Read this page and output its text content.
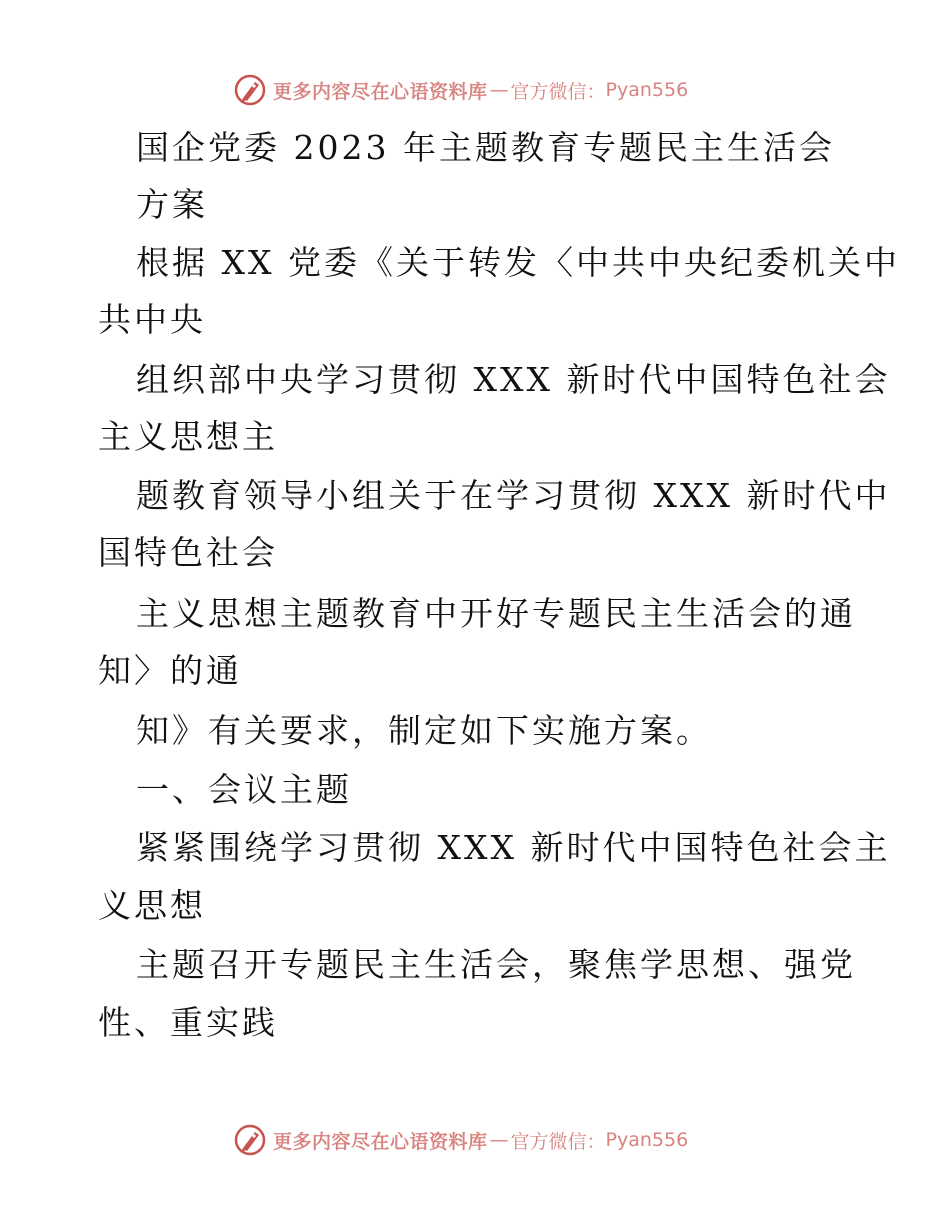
更多内容尽在心语资料库 — 官方微信： Pyan556
国企党委 2023 年主题教育专题民主生活会
方案
根据 XX 党委《关于转发〈中共中央纪委机关中
共中央
组织部中央学习贯彻 XXX 新时代中国特色社会
主义思想主
题教育领导小组关于在学习贯彻 XXX 新时代中
国特色社会
主义思想主题教育中开好专题民主生活会的通
知〉的通
知》有关要求，制定如下实施方案。
一、会议主题
紧紧围绕学习贯彻 XXX 新时代中国特色社会主
义思想
主题召开专题民主生活会，聚焦学思想、强党
性、重实践
更多内容尽在心语资料库 — 官方微信： Pyan556
